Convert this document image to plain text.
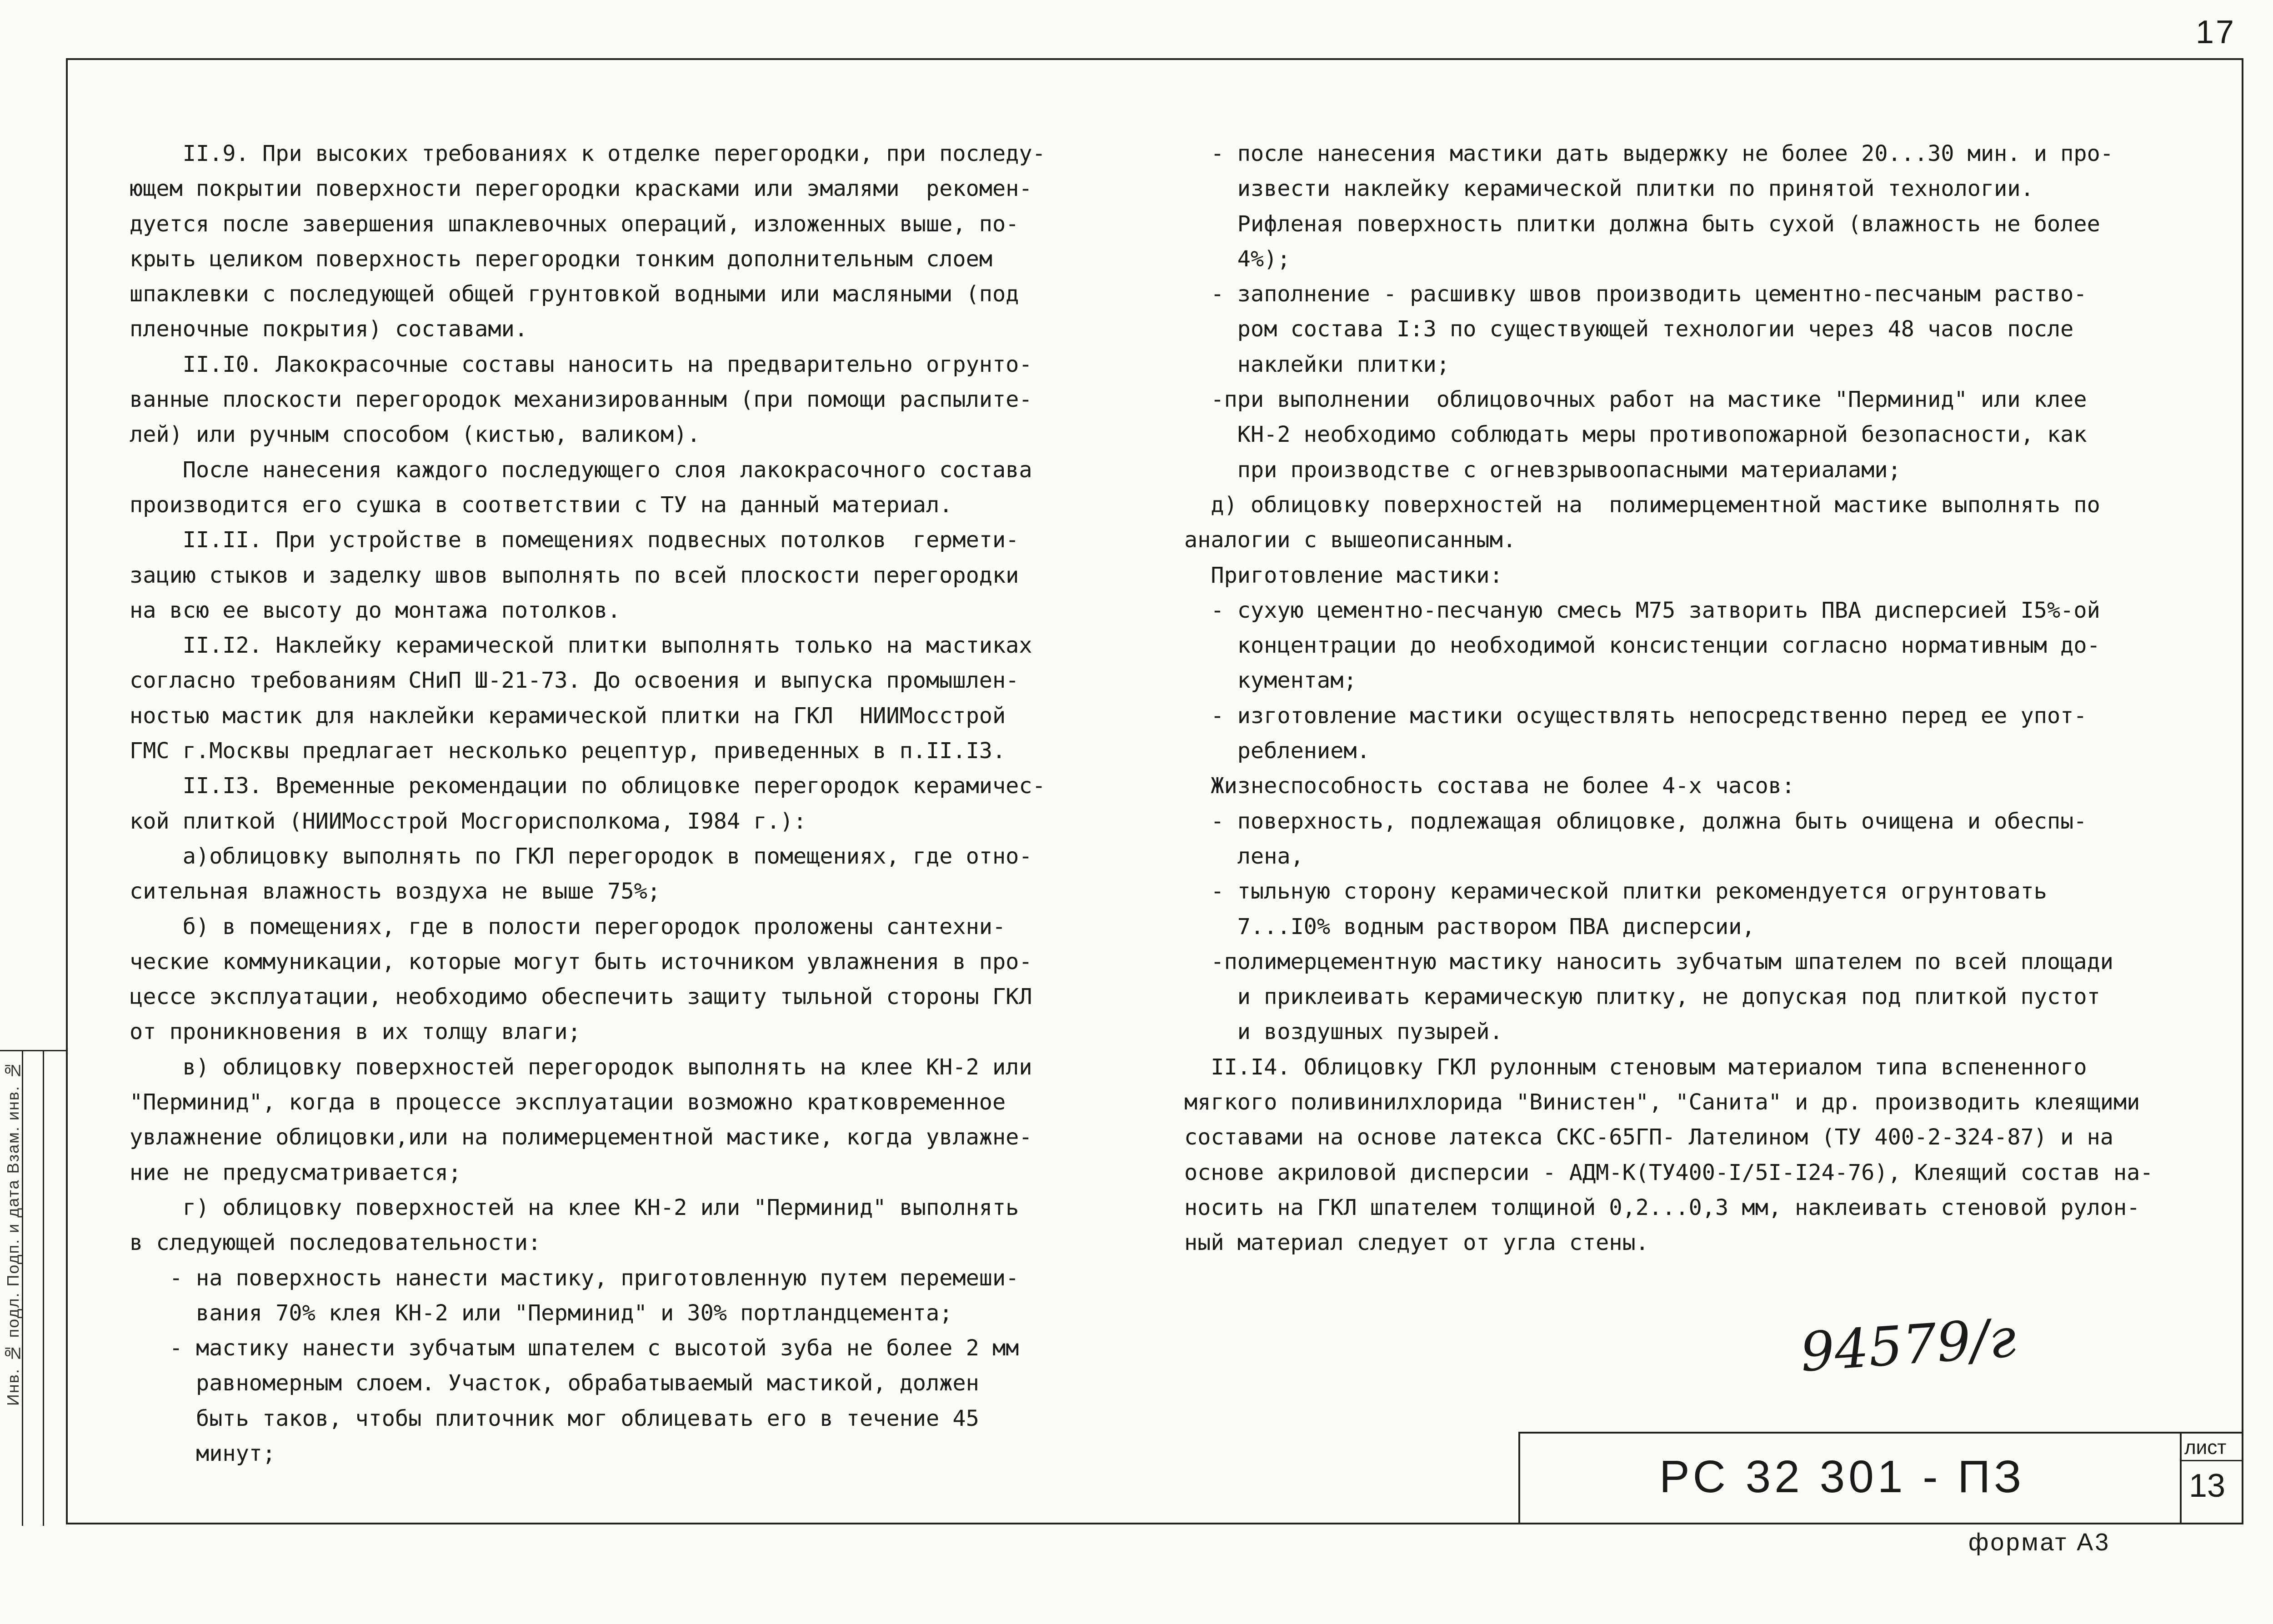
17
II.9. При высоких требованиях к отделке перегородки, при последу-
ющем покрытии поверхности перегородки красками или эмалями  рекомен-
дуется после завершения шпаклевочных операций, изложенных выше, по-
крыть целиком поверхность перегородки тонким дополнительным слоем
шпаклевки с последующей общей грунтовкой водными или масляными (под
пленочные покрытия) составами.
II.I0. Лакокрасочные составы наносить на предварительно огрунто-
ванные плоскости перегородок механизированным (при помощи распылите-
лей) или ручным способом (кистью, валиком).
После нанесения каждого последующего слоя лакокрасочного состава
производится его сушка в соответствии с ТУ на данный материал.
II.II. При устройстве в помещениях подвесных потолков  гермети-
зацию стыков и заделку швов выполнять по всей плоскости перегородки
на всю ее высоту до монтажа потолков.
II.I2. Наклейку керамической плитки выполнять только на мастиках
согласно требованиям СНиП Ш-21-73. До освоения и выпуска промышлен-
ностью мастик для наклейки керамической плитки на ГКЛ  НИИМосстрой
ГМС г.Москвы предлагает несколько рецептур, приведенных в п.II.I3.
II.I3. Временные рекомендации по облицовке перегородок керамичес-
кой плиткой (НИИМосстрой Мосгорисполкома, I984 г.):
а)облицовку выполнять по ГКЛ перегородок в помещениях, где отно-
сительная влажность воздуха не выше 75%;
б) в помещениях, где в полости перегородок проложены сантехни-
ческие коммуникации, которые могут быть источником увлажнения в про-
цессе эксплуатации, необходимо обеспечить защиту тыльной стороны ГКЛ
от проникновения в их толщу влаги;
в) облицовку поверхностей перегородок выполнять на клее КН-2 или
"Перминид", когда в процессе эксплуатации возможно кратковременное
увлажнение облицовки,или на полимерцементной мастике, когда увлажне-
ние не предусматривается;
г) облицовку поверхностей на клее КН-2 или "Перминид" выполнять
в следующей последовательности:
- на поверхность нанести мастику, приготовленную путем перемеши-
вания 70% клея КН-2 или "Перминид" и 30% портландцемента;
- мастику нанести зубчатым шпателем с высотой зуба не более 2 мм
равномерным слоем. Участок, обрабатываемый мастикой, должен
быть таков, чтобы плиточник мог облицевать его в течение 45
минут;
- после нанесения мастики дать выдержку не более 20...30 мин. и про-
извести наклейку керамической плитки по принятой технологии.
Рифленая поверхность плитки должна быть сухой (влажность не более
4%);
- заполнение - расшивку швов производить цементно-песчаным раство-
ром состава I:3 по существующей технологии через 48 часов после
наклейки плитки;
-при выполнении  облицовочных работ на мастике "Перминид" или клее
КН-2 необходимо соблюдать меры противопожарной безопасности, как
при производстве с огневзрывоопасными материалами;
д) облицовку поверхностей на  полимерцементной мастике выполнять по
аналогии с вышеописанным.
Приготовление мастики:
- сухую цементно-песчаную смесь М75 затворить ПВА дисперсией I5%-ой
концентрации до необходимой консистенции согласно нормативным до-
кументам;
- изготовление мастики осуществлять непосредственно перед ее упот-
реблением.
Жизнеспособность состава не более 4-х часов:
- поверхность, подлежащая облицовке, должна быть очищена и обеспы-
лена,
- тыльную сторону керамической плитки рекомендуется огрунтовать
7...I0% водным раствором ПВА дисперсии,
-полимерцементную мастику наносить зубчатым шпателем по всей площади
и приклеивать керамическую плитку, не допуская под плиткой пустот
и воздушных пузырей.
II.I4. Облицовку ГКЛ рулонным стеновым материалом типа вспененного
мягкого поливинилхлорида "Винистен", "Санита" и др. производить клеящими
составами на основе латекса СКС-65ГП- Лателином (ТУ 400-2-324-87) и на
основе акриловой дисперсии - АДМ-К(ТУ400-I/5I-I24-76), Клеящий состав на-
носить на ГКЛ шпателем толщиной 0,2...0,3 мм, наклеивать стеновой рулон-
ный материал следует от угла стены.
Инв. № подл. Подп. и дата Взам. инв. №	94579/г
РС 32 301 - ПЗ
лист
13
формат А3
